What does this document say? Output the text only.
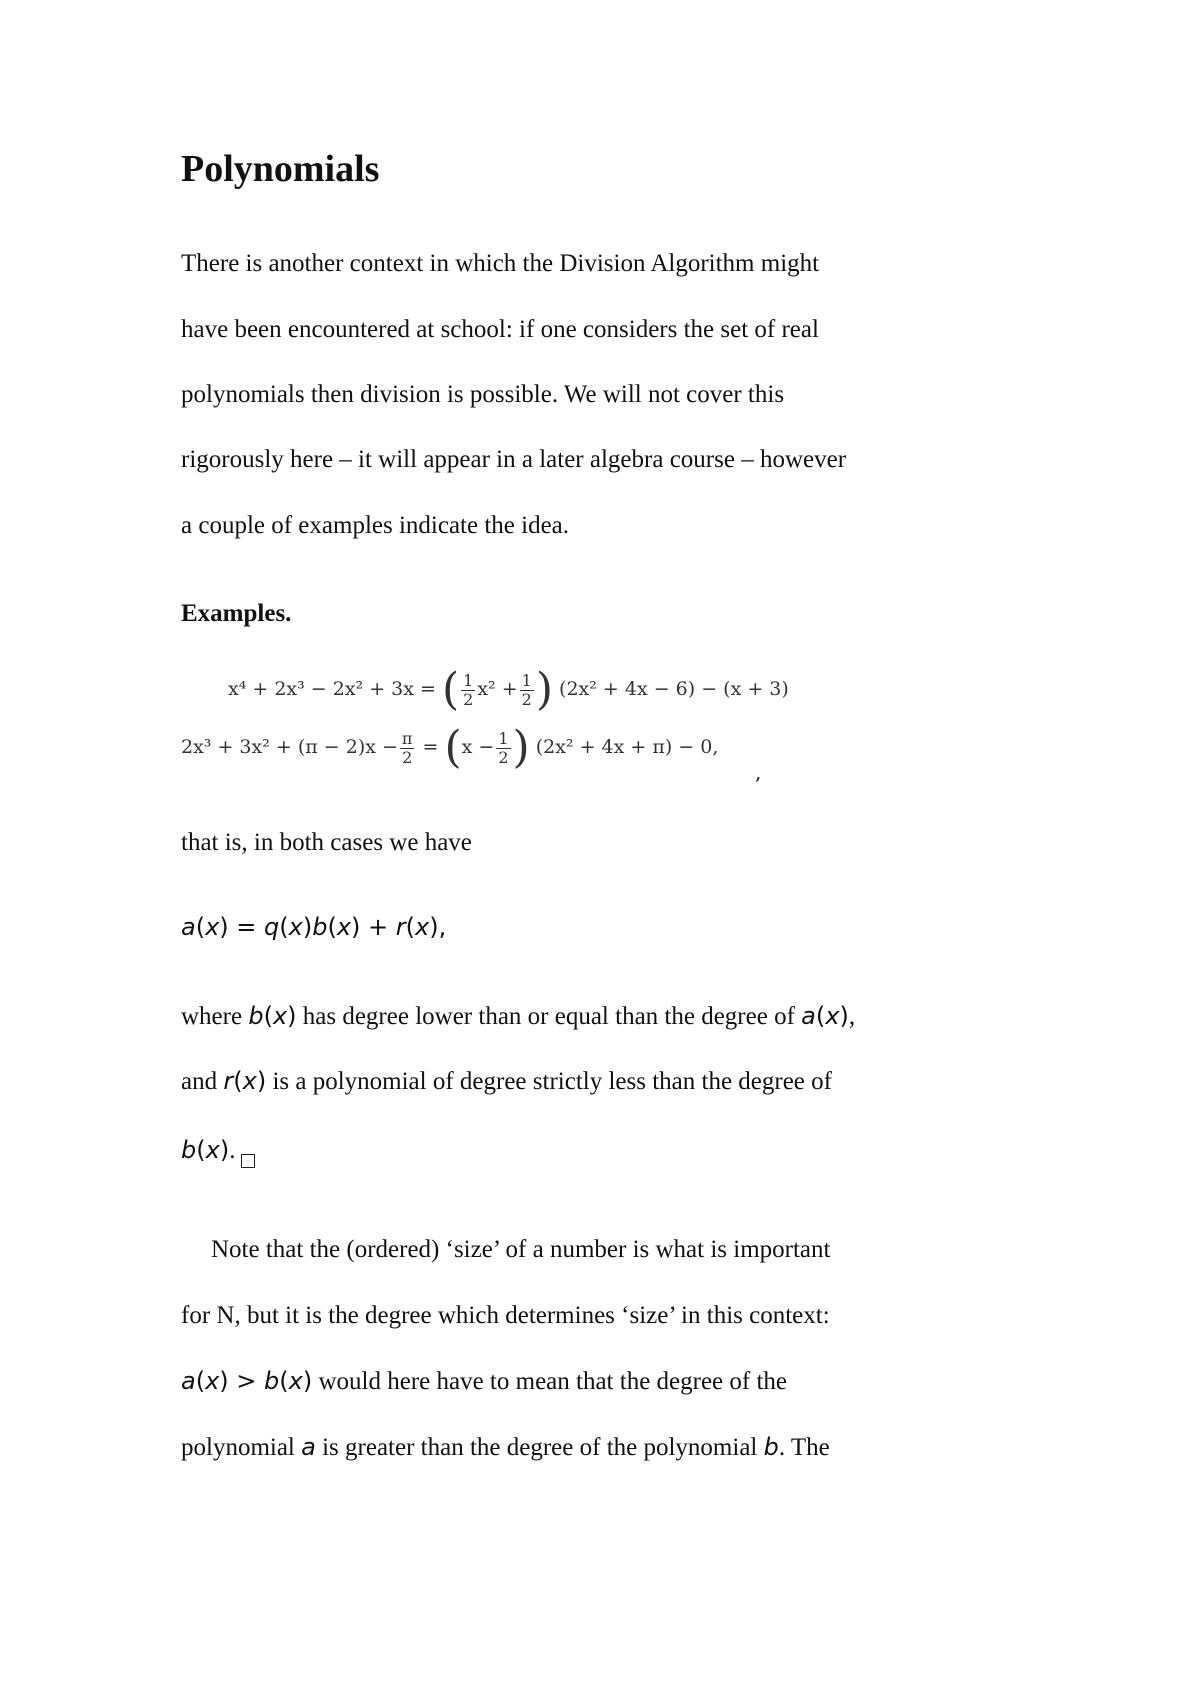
Polynomials
There is another context in which the Division Algorithm might
have been encountered at school: if one considers the set of real
polynomials then division is possible. We will not cover this
rigorously here – it will appear in a later algebra course – however
a couple of examples indicate the idea.
Examples.
x⁴ + 2x³ − 2x² + 3x = ( $\frac{1}{2} x^2 + \frac{1}{2}$ ) (2x² + 4x − 6) − (x + 3)
$2x^3 + 3x^2 + (\pi - 2)x - \frac{\pi}{2} = (x - \frac{1}{2}$ ) (2x² + 4x + π) − 0,
,
that is, in both cases we have
a(x) = q(x)b(x) + r(x),
where b(x) has degree lower than or equal than the degree of a(x),
and r(x) is a polynomial of degree strictly less than the degree of
b(x).
Note that the (ordered) ‘size’ of a number is what is important
for N, but it is the degree which determines ‘size’ in this context:
a(x) > b(x) would here have to mean that the degree of the
polynomial a is greater than the degree of the polynomial b. The
